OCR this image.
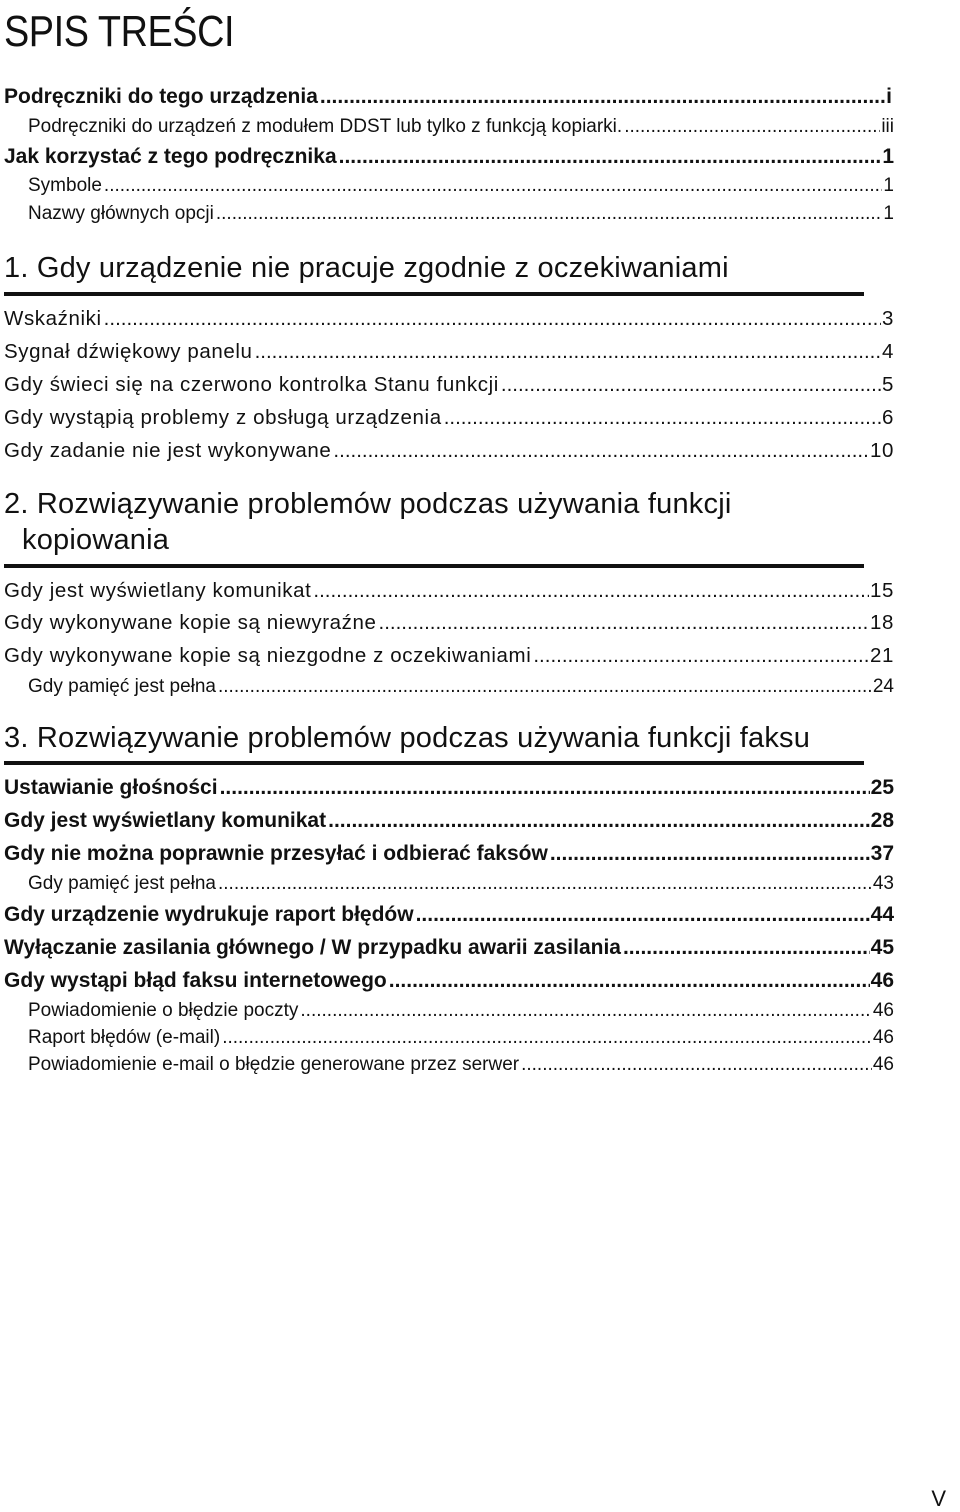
SPIS TREŚCI
Podręczniki do tego urządzenia .....	i
Podręczniki do urządzeń z modułem DDST lub tylko z funkcją kopiarki. .....	iii
Jak korzystać z tego podręcznika .....	1
Symbole .....	1
Nazwy głównych opcji .....	1
1. Gdy urządzenie nie pracuje zgodnie z oczekiwaniami
Wskaźniki .....	3
Sygnał dźwiękowy panelu .....	4
Gdy świeci się na czerwono kontrolka Stanu funkcji .....	5
Gdy wystąpią problemy z obsługą urządzenia .....	6
Gdy zadanie nie jest wykonywane .....	10
2. Rozwiązywanie problemów podczas używania funkcji
kopiowania
Gdy jest wyświetlany komunikat .....	15
Gdy wykonywane kopie są niewyraźne .....	18
Gdy wykonywane kopie są niezgodne z oczekiwaniami .....	21
Gdy pamięć jest pełna .....	24
3. Rozwiązywanie problemów podczas używania funkcji faksu
Ustawianie głośności .....	25
Gdy jest wyświetlany komunikat .....	28
Gdy nie można poprawnie przesyłać i odbierać faksów .....	37
Gdy pamięć jest pełna .....	43
Gdy urządzenie wydrukuje raport błędów .....	44
Wyłączanie zasilania głównego / W przypadku awarii zasilania .....	45
Gdy wystąpi błąd faksu internetowego .....	46
Powiadomienie o błędzie poczty .....	46
Raport błędów (e-mail) .....	46
Powiadomienie e-mail o błędzie generowane przez serwer .....	46
V
